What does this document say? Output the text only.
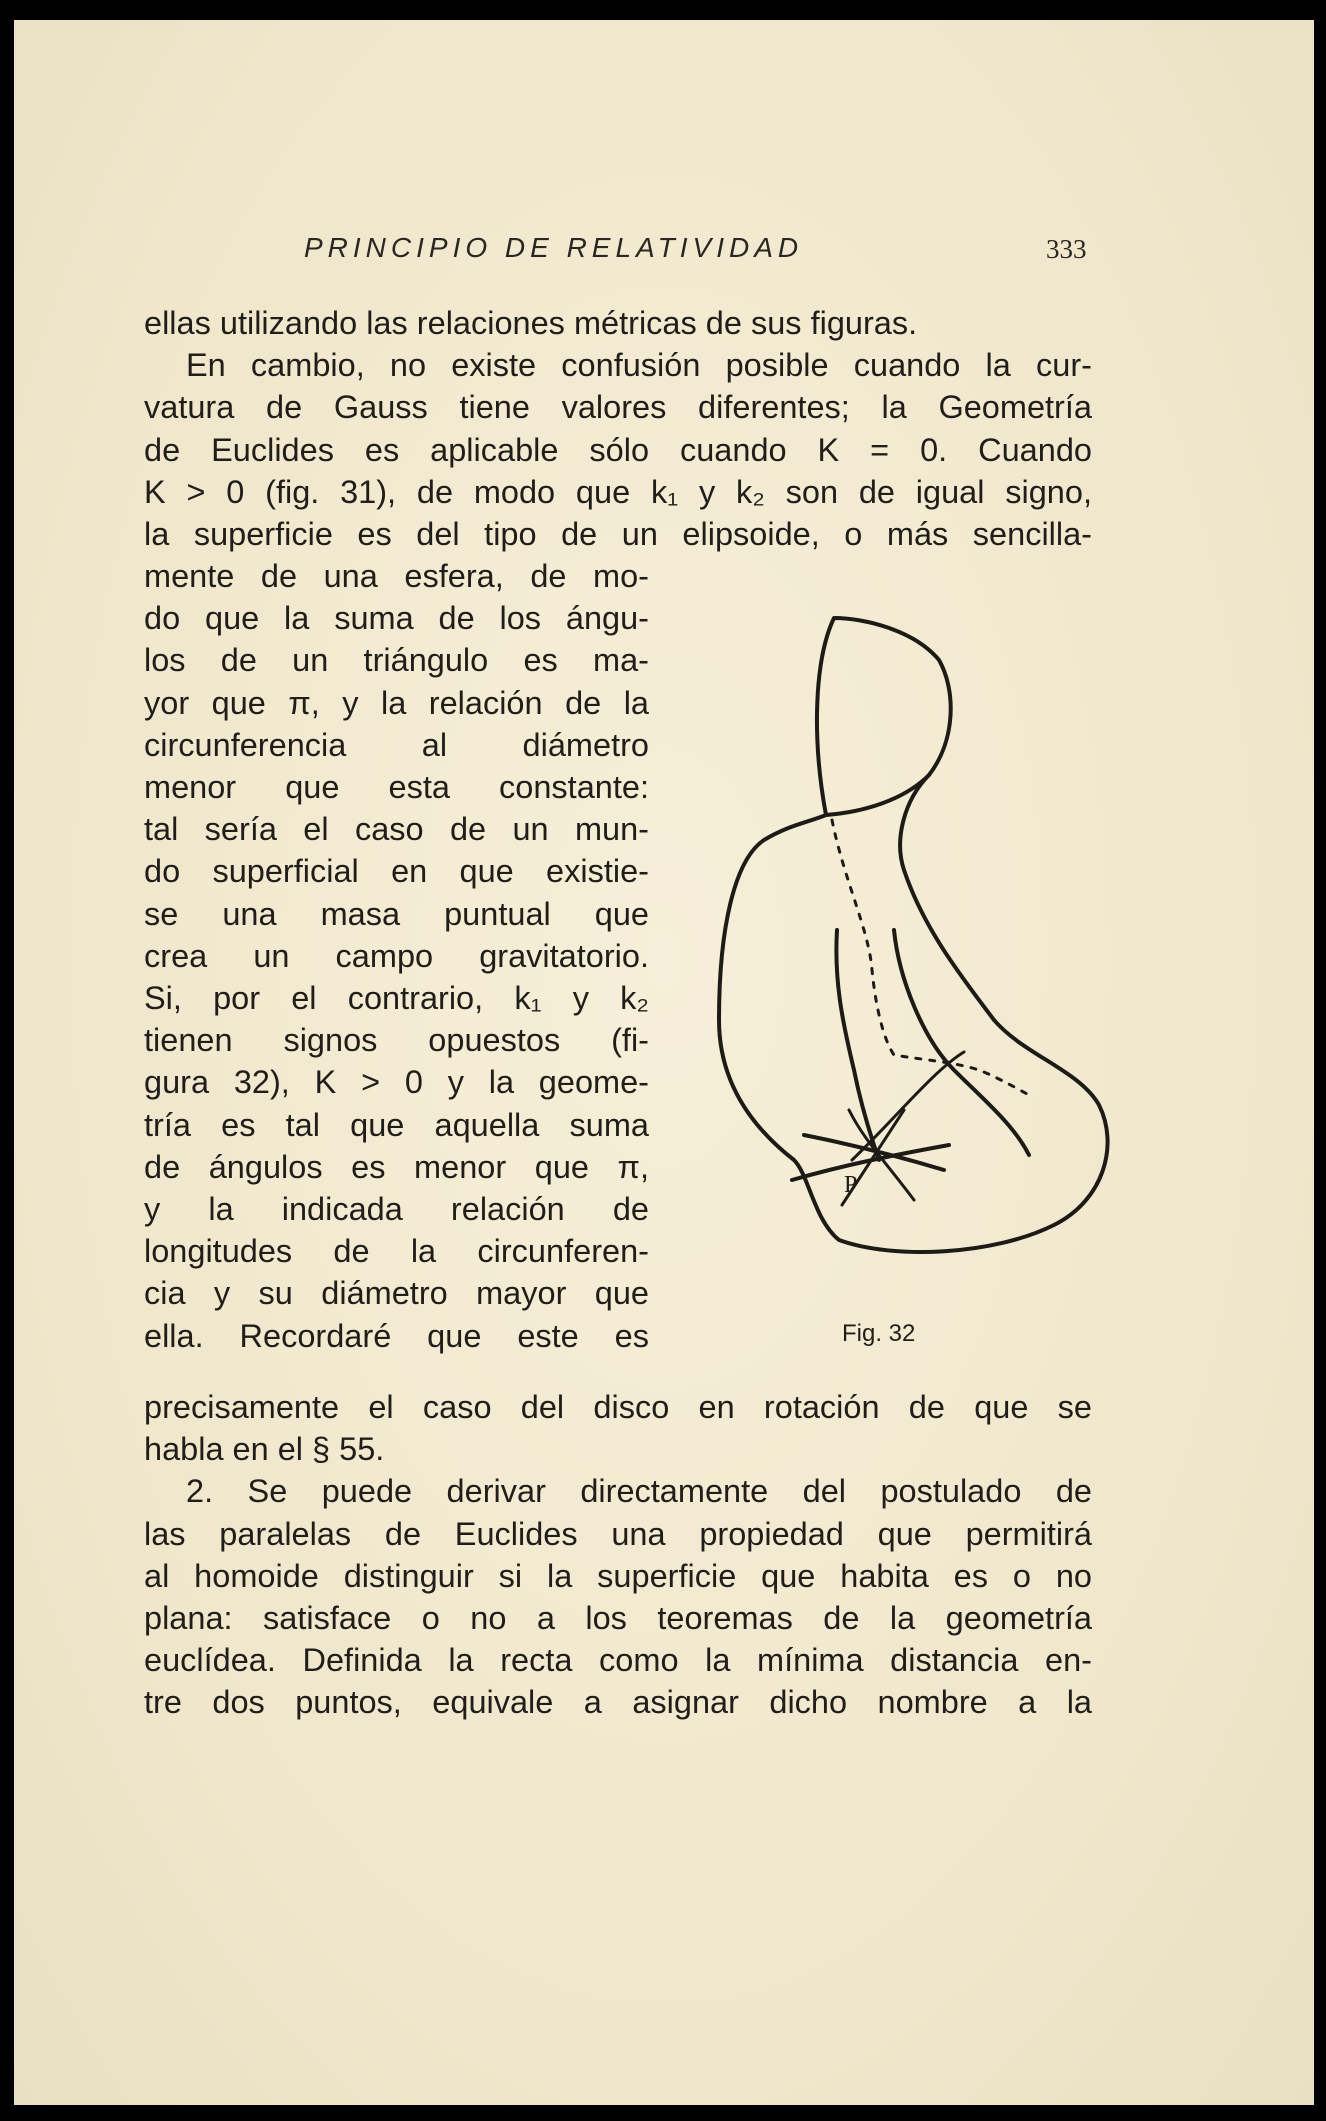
PRINCIPIO DE RELATIVIDAD	333
ellas utilizando las relaciones métricas de sus figuras.
En cambio, no existe confusión posible cuando la cur-
vatura de Gauss tiene valores diferentes; la Geometría
de Euclides es aplicable sólo cuando K = 0. Cuando
K > 0 (fig. 31), de modo que k₁ y k₂ son de igual signo,
la superficie es del tipo de un elipsoide, o más sencilla-
mente de una esfera, de mo-
do que la suma de los ángu-
los de un triángulo es ma-
yor que π, y la relación de la
circunferencia al diámetro
menor que esta constante:
tal sería el caso de un mun-
do superficial en que existie-
se una masa puntual que
crea un campo gravitatorio.
Si, por el contrario, k₁ y k₂
tienen signos opuestos (fi-
gura 32), K > 0 y la geome-
tría es tal que aquella suma
de ángulos es menor que π,
y la indicada relación de
longitudes de la circunferen-
cia y su diámetro mayor que
ella. Recordaré que este es
P
Fig. 32
precisamente el caso del disco en rotación de que se
habla en el § 55.
2. Se puede derivar directamente del postulado de
las paralelas de Euclides una propiedad que permitirá
al homoide distinguir si la superficie que habita es o no
plana: satisface o no a los teoremas de la geometría
euclídea. Definida la recta como la mínima distancia en-
tre dos puntos, equivale a asignar dicho nombre a la
